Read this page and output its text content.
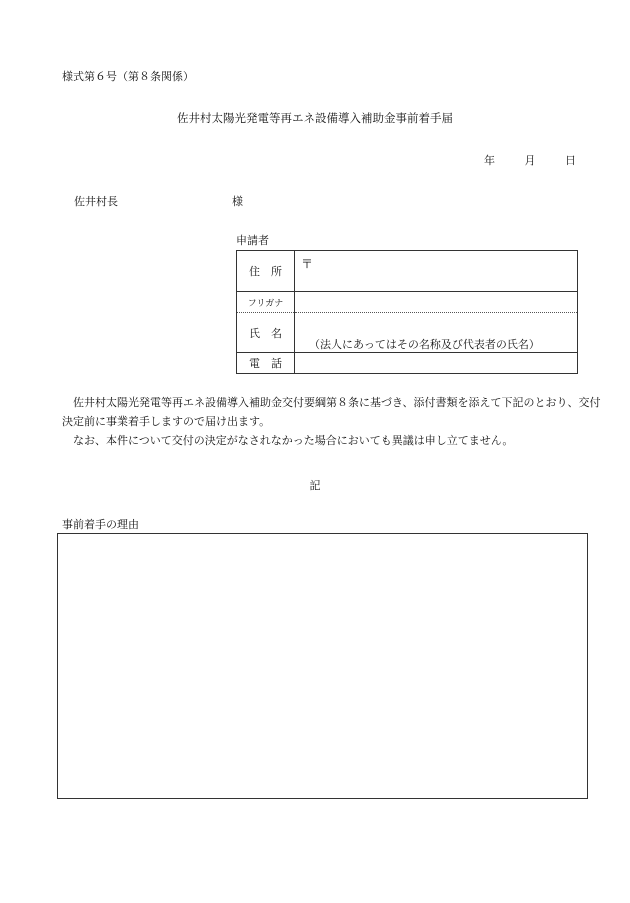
様式第６号（第８条関係）
佐井村太陽光発電等再エネ設備導入補助金事前着手届
年	月	日
佐井村長	様
申請者
住　所	〒

フリガナ	
氏　名	（法人にあってはその名称及び代表者の氏名）

電　話	

佐井村太陽光発電等再エネ設備導入補助金交付要綱第８条に基づき、添付書類を添えて下記のとおり、交付決定前に事業着手しますので届け出ます。

なお、本件について交付の決定がなされなかった場合においても異議は申し立てません。

記
事前着手の理由
